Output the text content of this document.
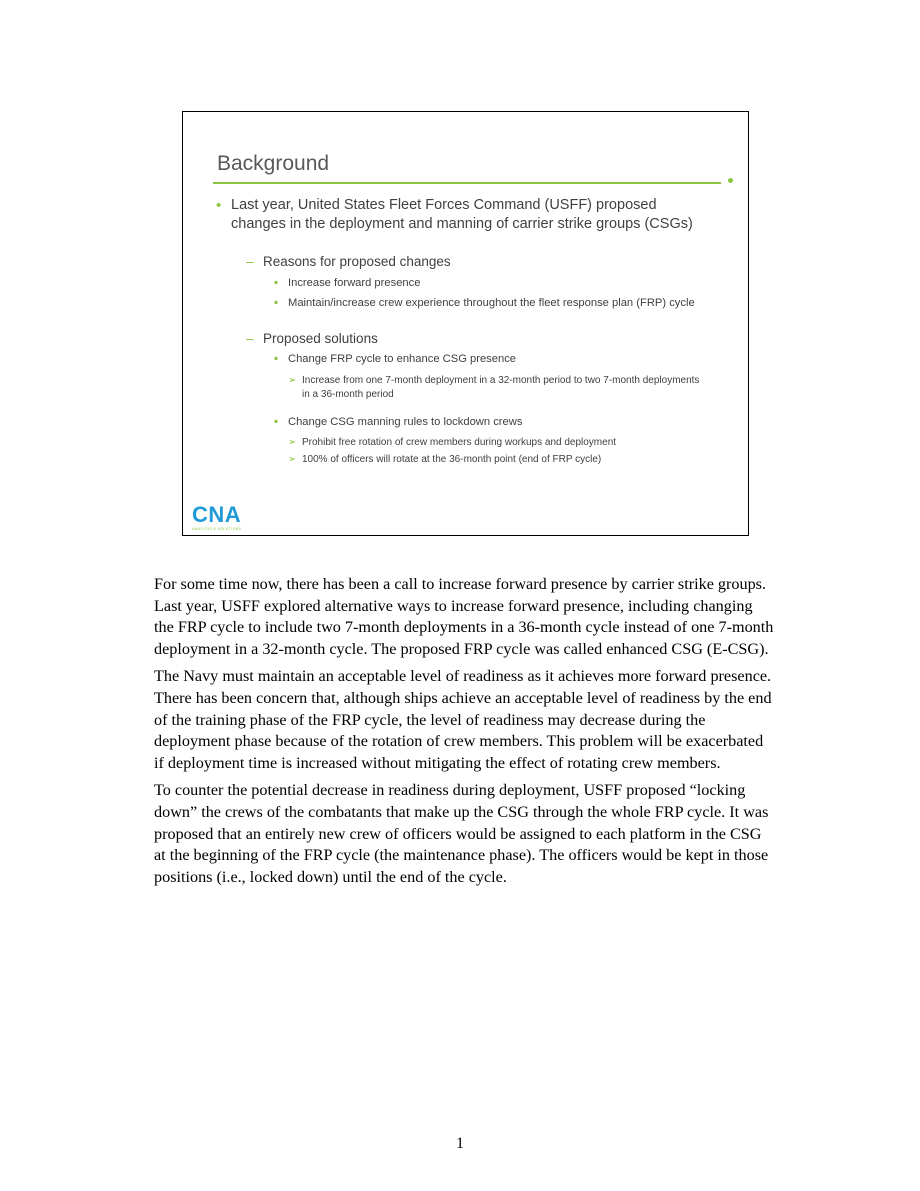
Background
• Last year, United States Fleet Forces Command (USFF) proposed changes in the deployment and manning of carrier strike groups (CSGs)
– Reasons for proposed changes
▪ Increase forward presence
▪ Maintain/increase crew experience throughout the fleet response plan (FRP) cycle
– Proposed solutions
▪ Change FRP cycle to enhance CSG presence
➢ Increase from one 7-month deployment in a 32-month period to two 7-month deployments in a 36-month period
▪ Change CSG manning rules to lockdown crews
➢ Prohibit free rotation of crew members during workups and deployment
➢ 100% of officers will rotate at the 36-month point (end of FRP cycle)
CNA
ANALYSIS & SOLUTIONS

For some time now, there has been a call to increase forward presence by carrier strike groups. Last year, USFF explored alternative ways to increase forward presence, including changing the FRP cycle to include two 7-month deployments in a 36-month cycle instead of one 7-month deployment in a 32-month cycle. The proposed FRP cycle was called enhanced CSG (E-CSG).

The Navy must maintain an acceptable level of readiness as it achieves more forward presence. There has been concern that, although ships achieve an acceptable level of readiness by the end of the training phase of the FRP cycle, the level of readiness may decrease during the deployment phase because of the rotation of crew members. This problem will be exacerbated if deployment time is increased without mitigating the effect of rotating crew members.

To counter the potential decrease in readiness during deployment, USFF proposed “locking down” the crews of the combatants that make up the CSG through the whole FRP cycle. It was proposed that an entirely new crew of officers would be assigned to each platform in the CSG at the beginning of the FRP cycle (the maintenance phase). The officers would be kept in those positions (i.e., locked down) until the end of the cycle.

1
